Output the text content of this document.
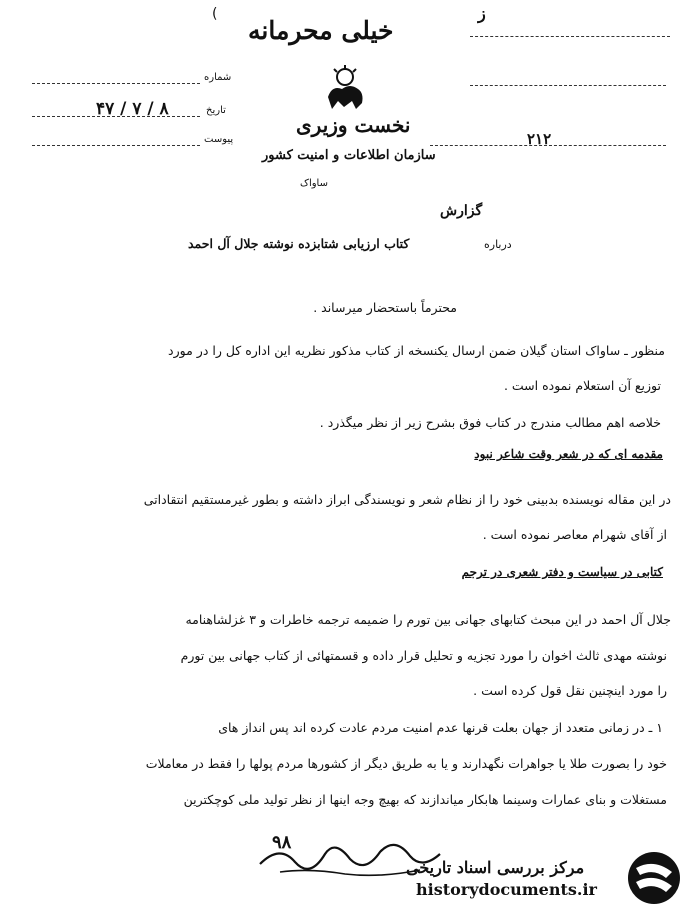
ز
(
خیلی محرمانه
نخست وزیری
سازمان اطلاعات و امنیت کشور
ساواک
شماره
۸ / ۷ / ۴۷	تاریخ
پیوست	۲۱۲
گزارش
درباره
کتاب ارزیابی شتابزده نوشته جلال آل احمد
محترماً باستحضار میرساند .
منظور ـ ساواک استان گیلان ضمن ارسال یکنسخه از کتاب مذکور نظریه این اداره کل را در مورد
توزیع آن استعلام نموده است .
خلاصه اهم مطالب مندرج در کتاب فوق بشرح زیر از نظر میگذرد .
مقدمه ای که در شعر وقت شاعر نبود
در این مقاله نویسنده بدبینی خود را از نظام شعر و نویسندگی ابراز داشته و بطور غیرمستقیم انتقاداتی
از آقای شهرام معاصر نموده است .
کتابی در سیاست و دفتر شعری در ترجم
جلال آل احمد در این مبحث کتابهای جهانی بین تورم را ضمیمه ترجمه خاطرات و ۳ غزلشاهنامه
نوشته مهدی ثالث اخوان را مورد تجزیه و تحلیل قرار داده و قسمتهائی از کتاب جهانی بین تورم
را مورد اینچنین نقل قول کرده است .
۱ ـ در زمانی متعدد از جهان بعلت قرنها عدم امنیت مردم عادت کرده اند پس انداز های
خود را بصورت طلا یا جواهرات نگهدارند و یا به طریق دیگر از کشورها مردم پولها را فقط در معاملات
مستغلات و بنای عمارات وسینما هابکار میاندازند که بهیچ وجه اینها از نظر تولید ملی کوچکترین
۹۸
مرکز بررسی اسناد تاریخی
historydocuments.ir
